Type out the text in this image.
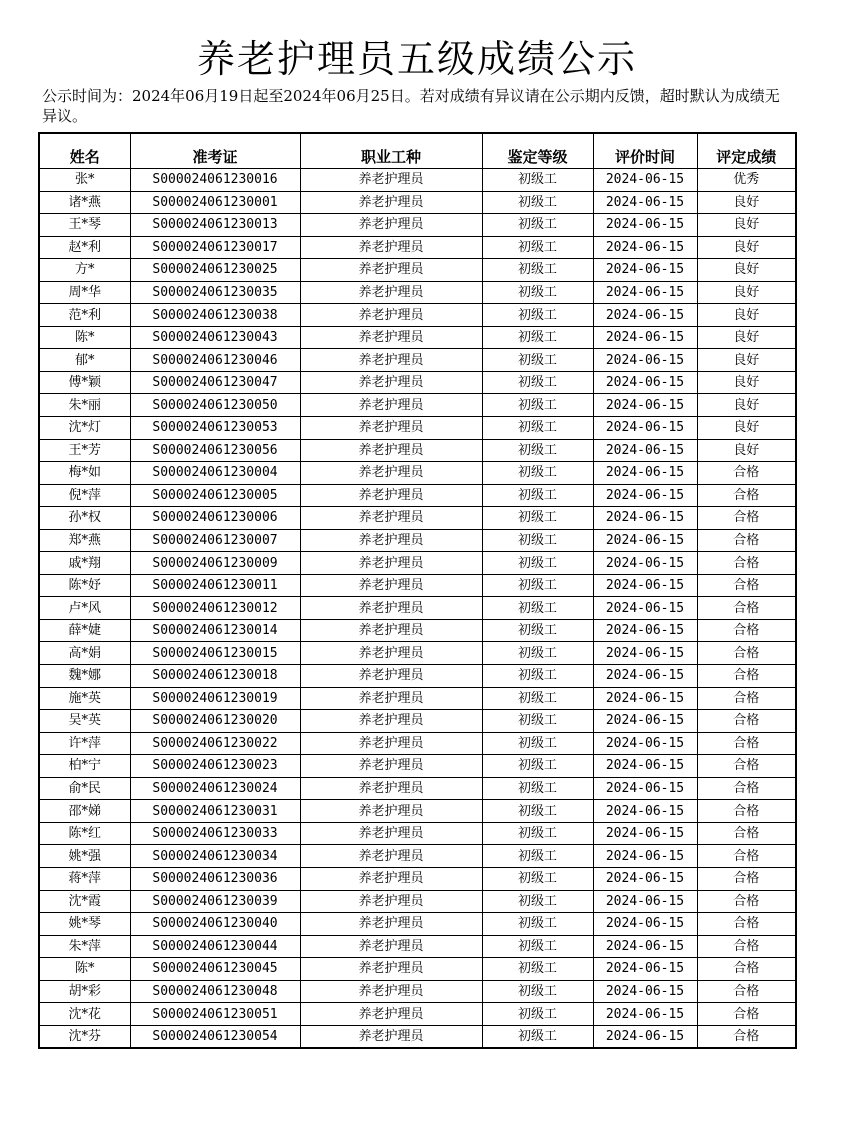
养老护理员五级成绩公示
公示时间为：2024年06月19日起至2024年06月25日。若对成绩有异议请在公示期内反馈，超时默认为成绩无异议。
姓名	准考证	职业工种	鉴定等级	评价时间	评定成绩
张*	S000024061230016	养老护理员	初级工	2024-06-15	优秀
诸*燕	S000024061230001	养老护理员	初级工	2024-06-15	良好
王*琴	S000024061230013	养老护理员	初级工	2024-06-15	良好
赵*利	S000024061230017	养老护理员	初级工	2024-06-15	良好
方*	S000024061230025	养老护理员	初级工	2024-06-15	良好
周*华	S000024061230035	养老护理员	初级工	2024-06-15	良好
范*利	S000024061230038	养老护理员	初级工	2024-06-15	良好
陈*	S000024061230043	养老护理员	初级工	2024-06-15	良好
郁*	S000024061230046	养老护理员	初级工	2024-06-15	良好
傅*颖	S000024061230047	养老护理员	初级工	2024-06-15	良好
朱*丽	S000024061230050	养老护理员	初级工	2024-06-15	良好
沈*灯	S000024061230053	养老护理员	初级工	2024-06-15	良好
王*芳	S000024061230056	养老护理员	初级工	2024-06-15	良好
梅*如	S000024061230004	养老护理员	初级工	2024-06-15	合格
倪*萍	S000024061230005	养老护理员	初级工	2024-06-15	合格
孙*权	S000024061230006	养老护理员	初级工	2024-06-15	合格
郑*燕	S000024061230007	养老护理员	初级工	2024-06-15	合格
戚*翔	S000024061230009	养老护理员	初级工	2024-06-15	合格
陈*妤	S000024061230011	养老护理员	初级工	2024-06-15	合格
卢*风	S000024061230012	养老护理员	初级工	2024-06-15	合格
薛*婕	S000024061230014	养老护理员	初级工	2024-06-15	合格
高*娟	S000024061230015	养老护理员	初级工	2024-06-15	合格
魏*娜	S000024061230018	养老护理员	初级工	2024-06-15	合格
施*英	S000024061230019	养老护理员	初级工	2024-06-15	合格
吴*英	S000024061230020	养老护理员	初级工	2024-06-15	合格
许*萍	S000024061230022	养老护理员	初级工	2024-06-15	合格
柏*宁	S000024061230023	养老护理员	初级工	2024-06-15	合格
俞*民	S000024061230024	养老护理员	初级工	2024-06-15	合格
邵*娣	S000024061230031	养老护理员	初级工	2024-06-15	合格
陈*红	S000024061230033	养老护理员	初级工	2024-06-15	合格
姚*强	S000024061230034	养老护理员	初级工	2024-06-15	合格
蒋*萍	S000024061230036	养老护理员	初级工	2024-06-15	合格
沈*霞	S000024061230039	养老护理员	初级工	2024-06-15	合格
姚*琴	S000024061230040	养老护理员	初级工	2024-06-15	合格
朱*萍	S000024061230044	养老护理员	初级工	2024-06-15	合格
陈*	S000024061230045	养老护理员	初级工	2024-06-15	合格
胡*彩	S000024061230048	养老护理员	初级工	2024-06-15	合格
沈*花	S000024061230051	养老护理员	初级工	2024-06-15	合格
沈*芬	S000024061230054	养老护理员	初级工	2024-06-15	合格
